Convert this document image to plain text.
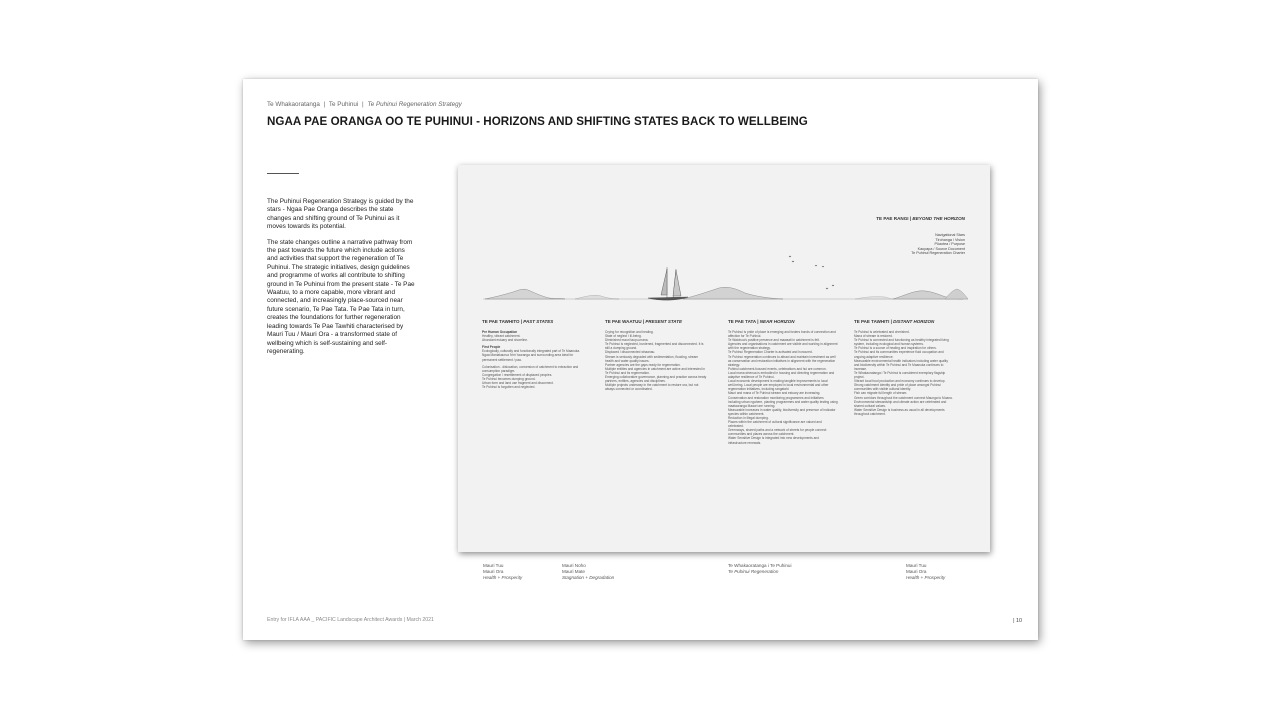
Te Whakaoratanga | Te Puhinui | Te Puhinui Regeneration Strategy
NGAA PAE ORANGA OO TE PUHINUI - HORIZONS AND SHIFTING STATES BACK TO WELLBEING

The Puhinui Regeneration Strategy is guided by the stars - Ngaa Pae Oranga describes the state changes and shifting ground of Te Puhinui as it moves towards its potential.

The state changes outline a narrative pathway from the past towards the future which include actions and activities that support the regeneration of Te Puhinui. The strategic initiatives, design guidelines and programme of works all contribute to shifting ground in Te Puhinui from the present state - Te Pae Waatuu, to a more capable, more vibrant and connected, and increasingly place-sourced near future scenario, Te Pae Tata. Te Pae Tata in turn, creates the foundations for further regeneration leading towards Te Pae Tawhiti characterised by Mauri Tuu / Mauri Ora - a transformed state of wellbeing which is self-sustaining and self-regenerating.

TE PAE RANGI | BEYOND THE HORIZON
Navigational Stars
Tirohanga / Vision
Pūaotea / Purpose
Kaupapa / Source Document
Te Puhinui Regeneration Charter
TE PAE TAWHITO | PAST STATES
Pre Human Occupation
Healthy, vibrant catchment.
Abundant estuary and shoreline.
First People
Ecologically, culturally and functionally integrated part of Te Maanuka.
Ngaa Maniakaurua 'trim' tauranga and surrounding area ideal for
permanent settlement / paa.
Colonisation - dislocation, conversion of catchment to extraction and
consumption paradigm.
Congregation / resettlement of displaced peoples.
Te Puhinui becomes dumping ground.
Urban form and land use fragment and disconnect.
Te Puhinui is forgotten and neglected.
TE PAE WAATUU | PRESENT STATE
Crying for recognition and healing.
State of neglect / ill-being.
Diminished mauri taupu-mana.
Te Puhinui is neglected, burdened, fragmented and disconnected. It is
still a dumping ground.
Displaced / disconnected whaanau.
Stream is seriously degraded with sedimentation, flooding, stream
health and water quality issues.
Partner agencies are the gaps ready for regeneration.
Multiple entities and agencies in catchment are active and interested in
Te Puhinui and its regeneration.
Emerging collaborative governance, planning and practice across treaty
partners, entities, agencies and disciplines.
Multiple projects underway in the catchment to restore ora, but not
always connected or coordinated.
TE PAE TATA | NEAR HORIZON
Te Puhinui is pride of place is emerging and fosters bonds of connection and
affection for Te Puhinui.
Te Waiohua's positive presence and mawaati in catchment is felt.
Agencies and organisations in catchment are visible and working in alignment
with the regeneration strategy.
Te Puhinui Regeneration Charter is activated and honoured.
Te Puhinui regeneration continues to attract and maintain investment as well
as conservation and restoration initiatives in alignment with the regeneration
strategy.
Puhinui catchment-focused events, celebrations and hui are common.
Local mana whenua is embodied in housing and directing regeneration and
adaptive resilience of Te Puhinui.
Local economic development is making tangible improvements to local
well-being. Local people are employed in local environmental and other
regeneration initiatives, including rangatahi.
Mauri and mana of Te Puhinui stream and estuary are increasing.
Conservation and restoration monitoring programmes and initiatives
including urban ngahere, planting programmes and water quality testing using
maatauranga Maaori are running.
Measurable increases in water quality, biodiversity and presence of indicator
species within catchment.
Reduction in illegal dumping.
Places within the catchment of cultural significance are valued and
celebrated.
Greenways, shared paths and a network of streets for people connect
communities and places across the catchment.
Water Sensitive Design is integrated into new developments and
infrastructure renewals.
TE PAE TAWHITI | DISTANT HORIZON
Te Puhinui is celebrated and cherished.
Mana of stream is restored.
Te Puhinui is connected and functioning as healthy integrated living
system, including ecological and human systems.
Te Puhinui is a source of healing and inspiration for others.
Te Puhinui and its communities experience fluid occupation and
ongoing adaptive resilience.
Measurable environmental health indicators including water quality
and biodiversity within Te Puhinui and Te Maanuka continues to
increase.
Te Whakaoratanga i Te Puhinui is considered exemplary flagship
project.
Vibrant local food production and economy continues to develop.
Strong catchment identity and pride of place amongst Puhinui
communities with visible cultural identity.
Fish can migrate full length of stream.
Green corridors throughout the catchment connect Maunga to Moana.
Environmental stewardship and climate action are celebrated and
shared cultural values.
Water Sensitive Design is business as usual in all developments
throughout catchment.
Mauri Tuu
Mauri Ora
Health + Prosperity
Mauri Noho
Mauri Mate
Stagnation + Degradation
Te Whakaoratanga i Te Puhinui
Te Puhinui Regeneration
Mauri Tuu
Mauri Ora
Health + Prosperity
Entry for IFLA AAA _ PACIFIC Landscape Architect Awards | March 2021	| 10
